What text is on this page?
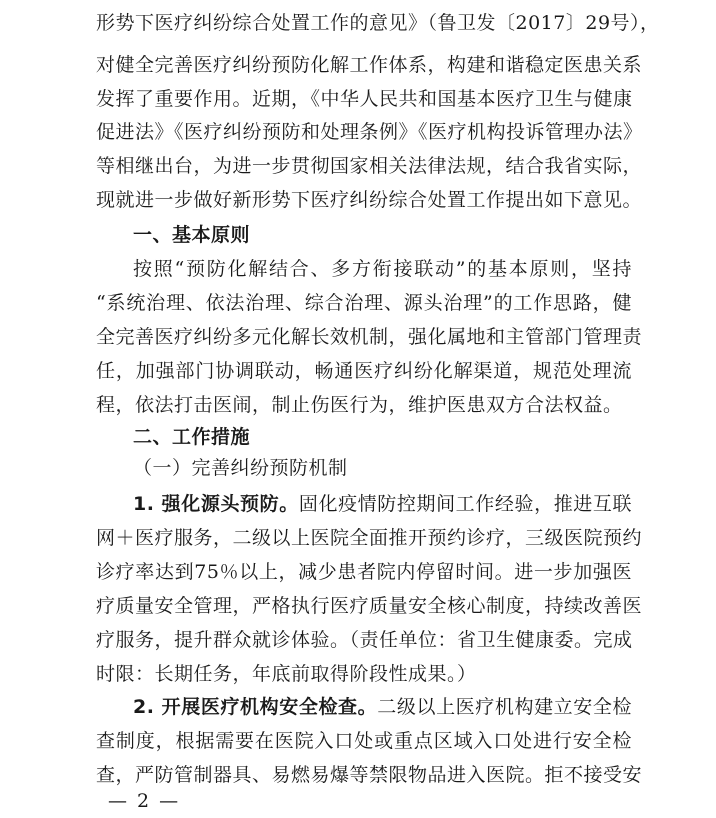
形势下医疗纠纷综合处置工作的意见》（鲁卫发〔2017〕29号），
对健全完善医疗纠纷预防化解工作体系，构建和谐稳定医患关系
发挥了重要作用。近期，《中华人民共和国基本医疗卫生与健康
促进法》《医疗纠纷预防和处理条例》《医疗机构投诉管理办法》
等相继出台，为进一步贯彻国家相关法律法规，结合我省实际，
现就进一步做好新形势下医疗纠纷综合处置工作提出如下意见。
一、基本原则
按照“预防化解结合、多方衔接联动”的基本原则，坚持
“系统治理、依法治理、综合治理、源头治理”的工作思路，健
全完善医疗纠纷多元化解长效机制，强化属地和主管部门管理责
任，加强部门协调联动，畅通医疗纠纷化解渠道，规范处理流
程，依法打击医闹，制止伤医行为，维护医患双方合法权益。
二、工作措施
（一）完善纠纷预防机制
1. 强化源头预防。固化疫情防控期间工作经验，推进互联
网＋医疗服务，二级以上医院全面推开预约诊疗，三级医院预约
诊疗率达到75％以上，减少患者院内停留时间。进一步加强医
疗质量安全管理，严格执行医疗质量安全核心制度，持续改善医
疗服务，提升群众就诊体验。（责任单位：省卫生健康委。完成
时限：长期任务，年底前取得阶段性成果。）
2. 开展医疗机构安全检查。二级以上医疗机构建立安全检
查制度，根据需要在医院入口处或重点区域入口处进行安全检
查，严防管制器具、易燃易爆等禁限物品进入医院。拒不接受安
— 2 —
